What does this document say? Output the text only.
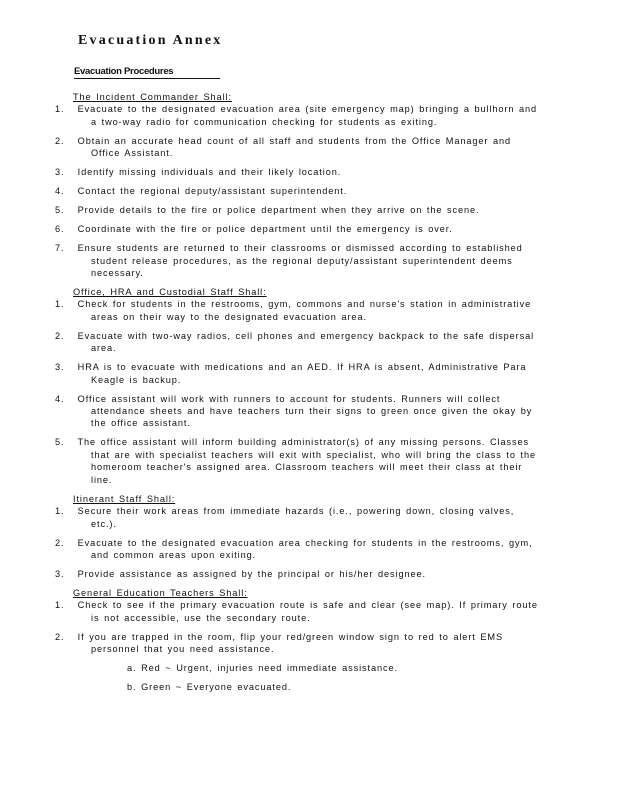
Evacuation Annex
Evacuation Procedures

The Incident Commander Shall:

1. Evacuate to the designated evacuation area (site emergency map) bringing a bullhorn and a two-way radio for communication checking for students as exiting.
2. Obtain an accurate head count of all staff and students from the Office Manager and Office Assistant.
3. Identify missing individuals and their likely location.
4. Contact the regional deputy/assistant superintendent.
5. Provide details to the fire or police department when they arrive on the scene.
6. Coordinate with the fire or police department until the emergency is over.
7. Ensure students are returned to their classrooms or dismissed according to established student release procedures, as the regional deputy/assistant superintendent deems necessary.

Office, HRA and Custodial Staff Shall:

1. Check for students in the restrooms, gym, commons and nurse's station in administrative areas on their way to the designated evacuation area.
2. Evacuate with two-way radios, cell phones and emergency backpack to the safe dispersal area.
3. HRA is to evacuate with medications and an AED. If HRA is absent, Administrative Para Keagle is backup.
4. Office assistant will work with runners to account for students. Runners will collect attendance sheets and have teachers turn their signs to green once given the okay by the office assistant.
5. The office assistant will inform building administrator(s) of any missing persons. Classes that are with specialist teachers will exit with specialist, who will bring the class to the homeroom teacher's assigned area. Classroom teachers will meet their class at their line.

Itinerant Staff Shall:

1. Secure their work areas from immediate hazards (i.e., powering down, closing valves, etc.).
2. Evacuate to the designated evacuation area checking for students in the restrooms, gym, and common areas upon exiting.
3. Provide assistance as assigned by the principal or his/her designee.

General Education Teachers Shall:

1. Check to see if the primary evacuation route is safe and clear (see map). If primary route is not accessible, use the secondary route.
2. If you are trapped in the room, flip your red/green window sign to red to alert EMS personnel that you need assistance.
a. Red ~ Urgent, injuries need immediate assistance.
b. Green ~ Everyone evacuated.
